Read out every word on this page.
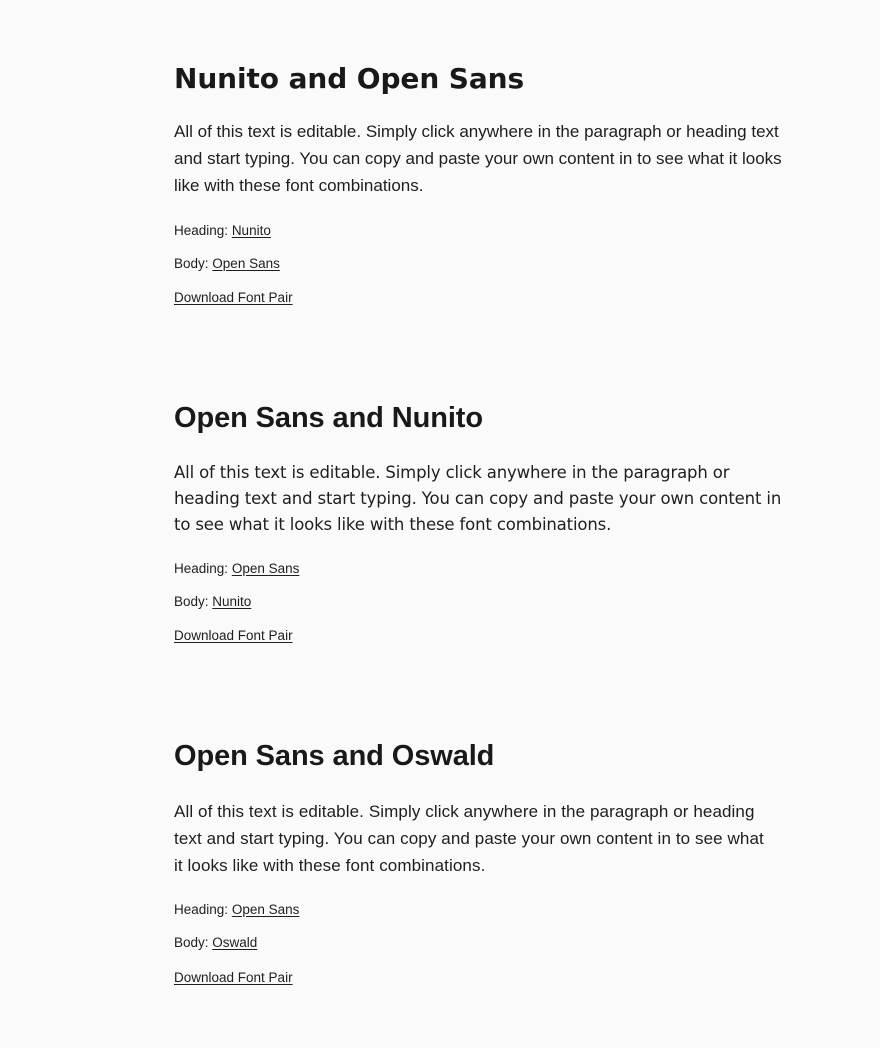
Nunito and Open Sans

All of this text is editable. Simply click anywhere in the paragraph or heading text and start typing. You can copy and paste your own content in to see what it looks like with these font combinations.

Heading: Nunito

Body: Open Sans

Download Font Pair
Open Sans and Nunito

All of this text is editable. Simply click anywhere in the paragraph or heading text and start typing. You can copy and paste your own content in to see what it looks like with these font combinations.

Heading: Open Sans

Body: Nunito

Download Font Pair
Open Sans and Oswald

All of this text is editable. Simply click anywhere in the paragraph or heading text and start typing. You can copy and paste your own content in to see what it looks like with these font combinations.

Heading: Open Sans

Body: Oswald

Download Font Pair
